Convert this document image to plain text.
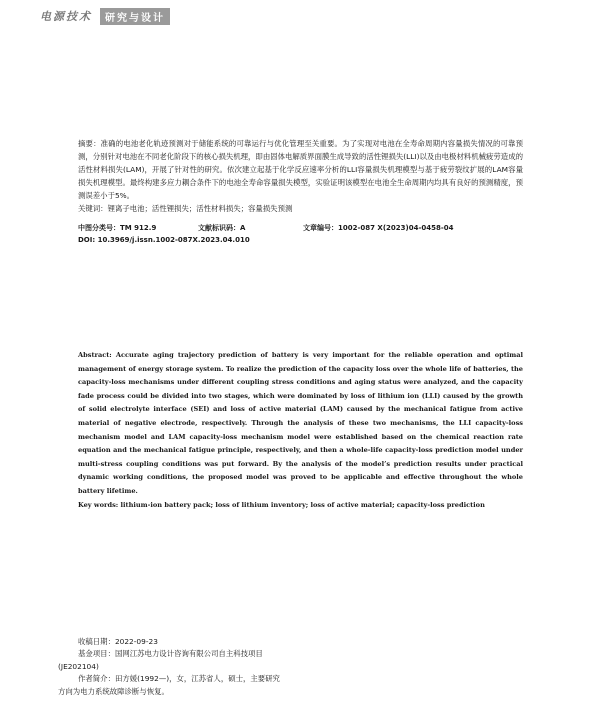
电源技术	研究与设计

摘要：准确的电池老化轨迹预测对于储能系统的可靠运行与优化管理至关重要。为了实现对电池在全寿命周期内容量损失情况的可靠预测，分别针对电池在不同老化阶段下的核心损失机理，即由固体电解质界面膜生成导致的活性锂损失(LLI)以及由电极材料机械疲劳造成的活性材料损失(LAM)，开展了针对性的研究。依次建立起基于化学反应速率分析的LLI容量损失机理模型与基于疲劳裂纹扩展的LAM容量损失机理模型。最终构建多应力耦合条件下的电池全寿命容量损失模型，实验证明该模型在电池全生命周期内均具有良好的预测精度，预测误差小于5%。

关键词：锂离子电池；活性锂损失；活性材料损失；容量损失预测

中图分类号：TM 912.9	文献标识码：A	文章编号：1002-087 X(2023)04-0458-04
DOI: 10.3969/j.issn.1002-087X.2023.04.010

Abstract: Accurate aging trajectory prediction of battery is very important for the reliable operation and optimal management of energy storage system. To realize the prediction of the capacity loss over the whole life of batteries, the capacity-loss mechanisms under different coupling stress conditions and aging status were analyzed, and the capacity fade process could be divided into two stages, which were dominated by loss of lithium ion (LLI) caused by the growth of solid electrolyte interface (SEI) and loss of active material (LAM) caused by the mechanical fatigue from active material of negative electrode, respectively. Through the analysis of these two mechanisms, the LLI capacity-loss mechanism model and LAM capacity-loss mechanism model were established based on the chemical reaction rate equation and the mechanical fatigue principle, respectively, and then a whole-life capacity-loss prediction model under multi-stress coupling conditions was put forward. By the analysis of the model’s prediction results under practical dynamic working conditions, the proposed model was proved to be applicable and effective throughout the whole battery lifetime.

Key words: lithium-ion battery pack; loss of lithium inventory; loss of active material; capacity-loss prediction

收稿日期：2022-09-23

基金项目：国网江苏电力设计咨询有限公司自主科技项目

(JE202104)

作者简介：田方媛(1992—)，女，江苏省人，硕士，主要研究

方向为电力系统故障诊断与恢复。
